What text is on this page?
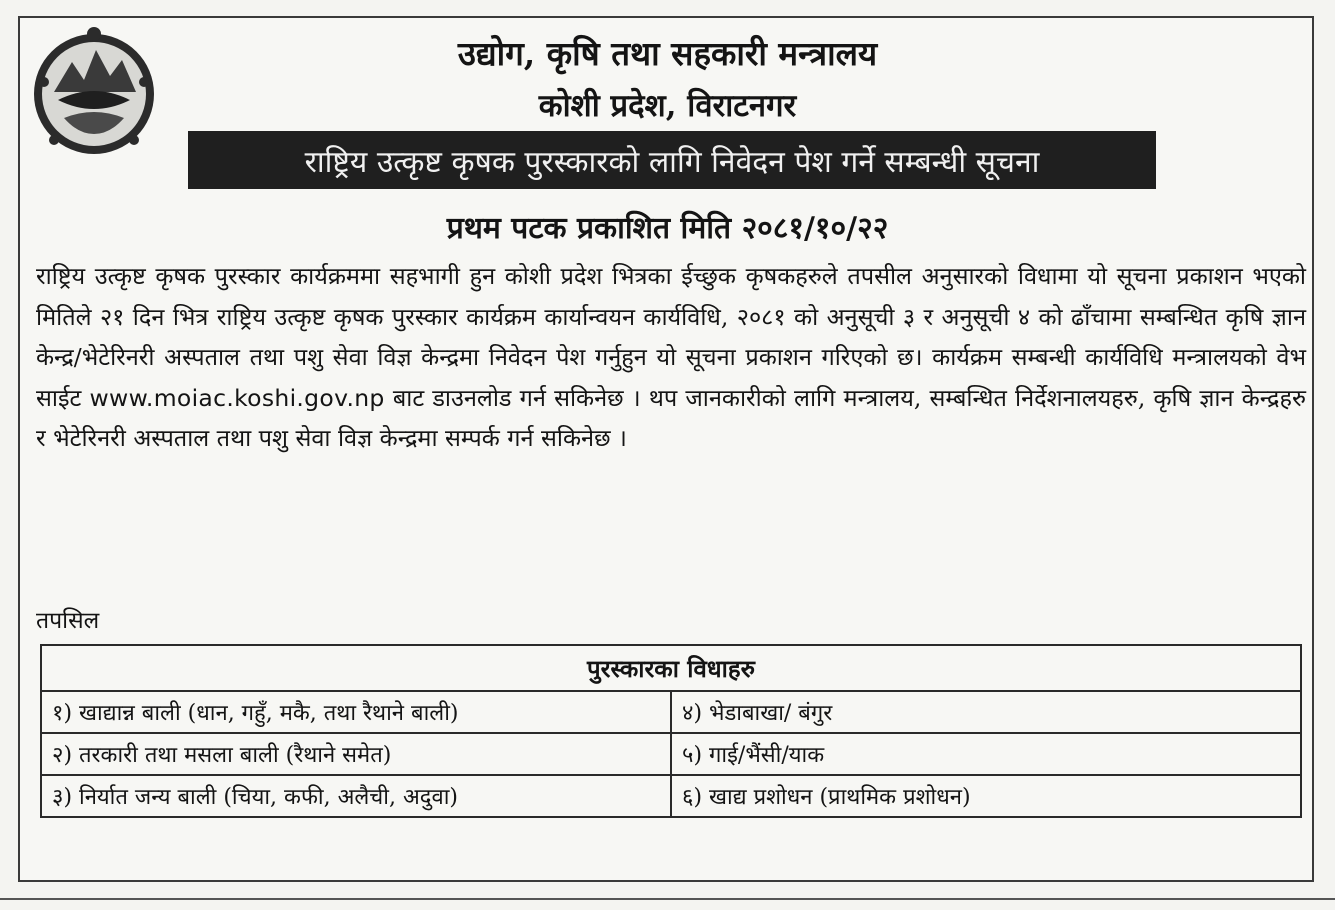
उद्योग, कृषि तथा सहकारी मन्त्रालय
कोशी प्रदेश, विराटनगर
राष्ट्रिय उत्कृष्ट कृषक पुरस्कारको लागि निवेदन पेश गर्ने सम्बन्धी सूचना
प्रथम पटक प्रकाशित मिति २०८१/१०/२२
राष्ट्रिय उत्कृष्ट कृषक पुरस्कार कार्यक्रममा सहभागी हुन कोशी प्रदेश भित्रका ईच्छुक कृषकहरुले तपसील अनुसारको विधामा यो सूचना प्रकाशन भएको मितिले २१ दिन भित्र राष्ट्रिय उत्कृष्ट कृषक पुरस्कार कार्यक्रम कार्यान्वयन कार्यविधि, २०८१ को अनुसूची ३ र अनुसूची ४ को ढाँचामा सम्बन्धित कृषि ज्ञान केन्द्र/भेटेरिनरी अस्पताल तथा पशु सेवा विज्ञ केन्द्रमा निवेदन पेश गर्नुहुन यो सूचना प्रकाशन गरिएको छ। कार्यक्रम सम्बन्धी कार्यविधि मन्त्रालयको वेभ साईट www.moiac.koshi.gov.np बाट डाउनलोड गर्न सकिनेछ । थप जानकारीको लागि मन्त्रालय, सम्बन्धित निर्देशनालयहरु, कृषि ज्ञान केन्द्रहरु र भेटेरिनरी अस्पताल तथा पशु सेवा विज्ञ केन्द्रमा सम्पर्क गर्न सकिनेछ ।
तपसिल
पुरस्कारका विधाहरु	
१) खाद्यान्न बाली (धान, गहुँ, मकै, तथा रैथाने बाली)	४) भेडाबाखा/ बंगुर
२) तरकारी तथा मसला बाली (रैथाने समेत)	५) गाई/भैंसी/याक
३) निर्यात जन्य बाली (चिया, कफी, अलैची, अदुवा)	६) खाद्य प्रशोधन (प्राथमिक प्रशोधन)
